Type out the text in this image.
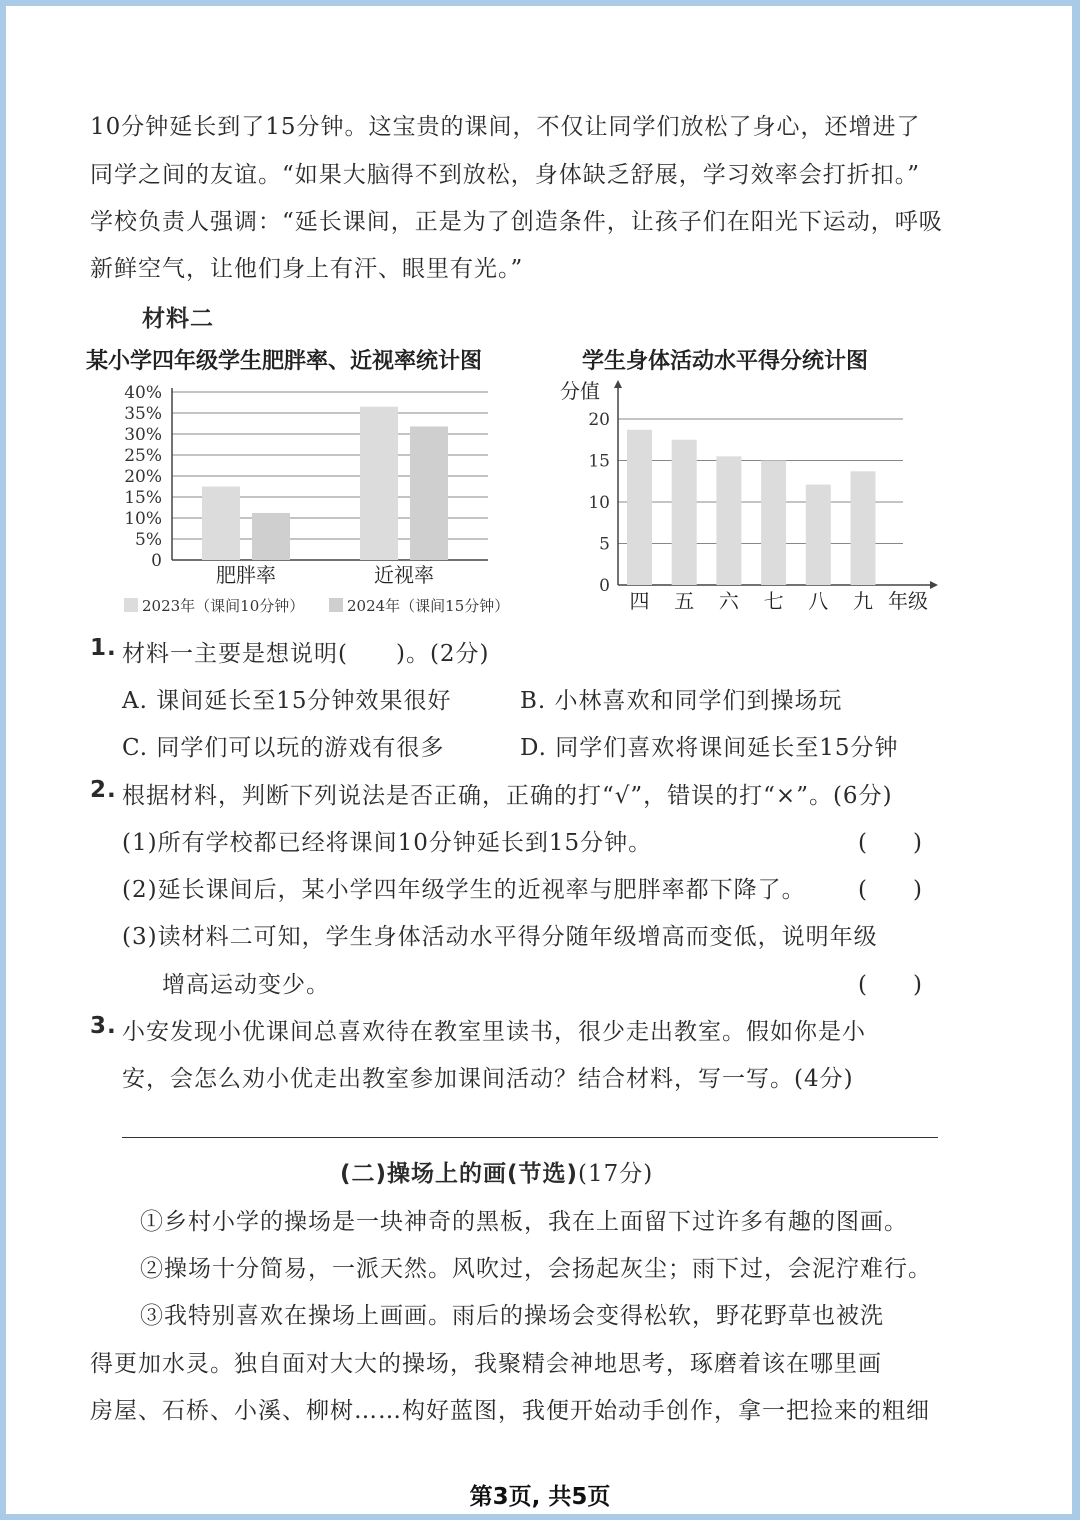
10分钟延长到了15分钟。这宝贵的课间，不仅让同学们放松了身心，还增进了
同学之间的友谊。“如果大脑得不到放松，身体缺乏舒展，学习效率会打折扣。”
学校负责人强调：“延长课间，正是为了创造条件，让孩子们在阳光下运动，呼吸
新鲜空气，让他们身上有汗、眼里有光。”
材料二
某小学四年级学生肥胖率、近视率统计图
0
5%
10%
15%
20%
25%
30%
35%
40%
肥胖率	近视率
2023年（课间10分钟）	2024年（课间15分钟）
学生身体活动水平得分统计图
分值
0
5
10
15
20
四 五 六 七 八 九 年级
1. 材料一主要是想说明(　　)。(2分)
A. 课间延长至15分钟效果很好	B. 小林喜欢和同学们到操场玩
C. 同学们可以玩的游戏有很多	D. 同学们喜欢将课间延长至15分钟
2. 根据材料，判断下列说法是否正确，正确的打“√”，错误的打“×”。(6分)
(1)所有学校都已经将课间10分钟延长到15分钟。	(　　)
(2)延长课间后，某小学四年级学生的近视率与肥胖率都下降了。 (　　)
(3)读材料二可知，学生身体活动水平得分随年级增高而变低，说明年级
增高运动变少。	(　　)
3. 小安发现小优课间总喜欢待在教室里读书，很少走出教室。假如你是小
安，会怎么劝小优走出教室参加课间活动？结合材料，写一写。(4分)
(二)操场上的画(节选)(17分)
①乡村小学的操场是一块神奇的黑板，我在上面留下过许多有趣的图画。
②操场十分简易，一派天然。风吹过，会扬起灰尘；雨下过，会泥泞难行。
③我特别喜欢在操场上画画。雨后的操场会变得松软，野花野草也被洗
得更加水灵。独自面对大大的操场，我聚精会神地思考，琢磨着该在哪里画
房屋、石桥、小溪、柳树……构好蓝图，我便开始动手创作，拿一把捡来的粗细
第3页, 共5页
